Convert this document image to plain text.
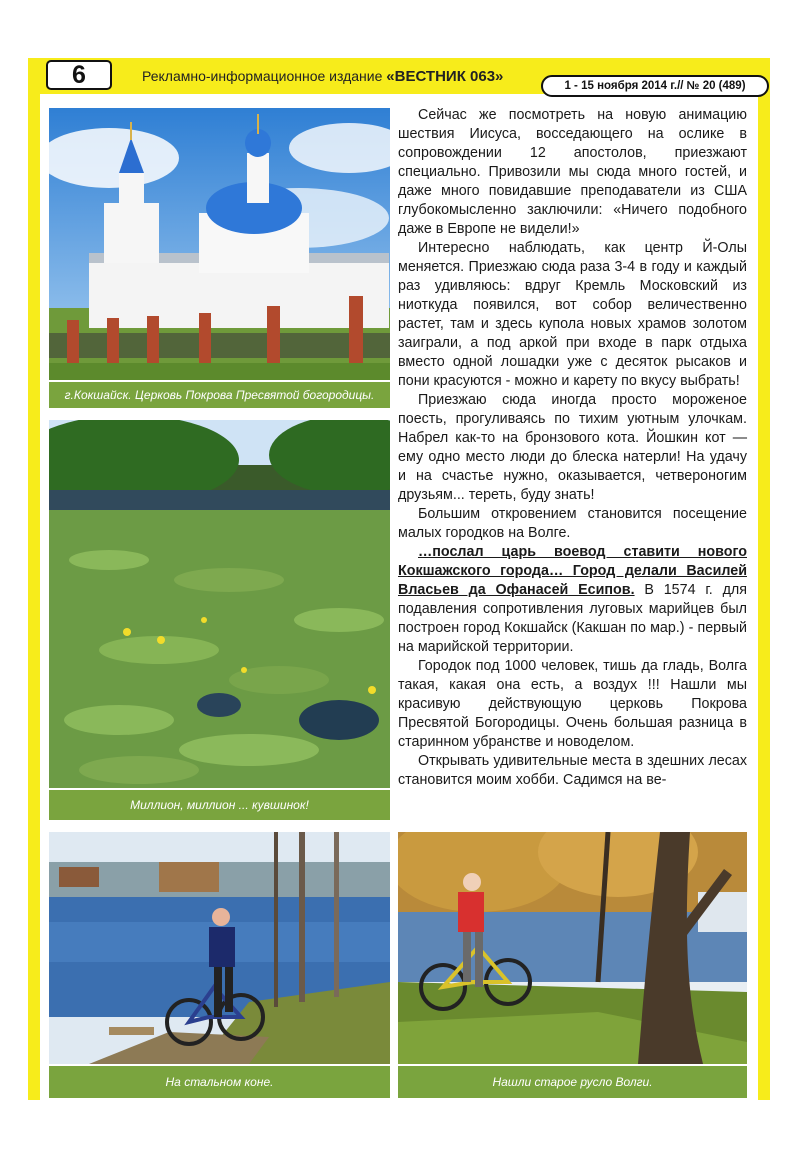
6	Рекламно-информационное издание «ВЕСТНИК 063»
1 - 15 ноября 2014 г.// № 20 (489)
г.Кокшайск. Церковь Покрова Пресвятой богородицы.
Миллион, миллион ... кувшинок!
На стальном коне.	Нашли старое русло Волги.

Сейчас же посмотреть на новую анимацию шествия Иисуса, восседающего на ослике в сопровождении 12 апостолов, приезжают специально. Привозили мы сюда много гостей, и даже много повидавшие преподаватели из США глубокомысленно заключили: «Ничего подобного даже в Европе не видели!»

Интересно наблюдать, как центр Й-Олы меняется. Приезжаю сюда раза 3-4 в году и каждый раз удивляюсь: вдруг Кремль Московский из ниоткуда появился, вот собор величественно растет, там и здесь купола новых храмов золотом заиграли, а под аркой при входе в парк отдыха вместо одной лошадки уже с десяток рысаков и пони красуются - можно и карету по вкусу выбрать!

Приезжаю сюда иногда просто мороженое поесть, прогуливаясь по тихим уютным улочкам. Набрел как-то на бронзового кота. Йошкин кот — ему одно место люди до блеска натерли! На удачу и на счастье нужно, оказывается, четвероногим друзьям... тереть, буду знать!

Большим откровением становится посещение малых городков на Волге.

…послал царь воевод ставити нового Кокшажского города… Город делали Василей Власьев да Офанасей Есипов. В 1574 г. для подавления сопротивления луговых марийцев был построен город Кокшайск (Какшан по мар.) - первый на марийской территории.

Городок под 1000 человек, тишь да гладь, Волга такая, какая она есть, а воздух !!! Нашли мы красивую действующую церковь Покрова Пресвятой Богородицы. Очень большая разница в старинном убранстве и новоделом.

Открывать удивительные места в здешних лесах становится моим хобби. Садимся на ве-
